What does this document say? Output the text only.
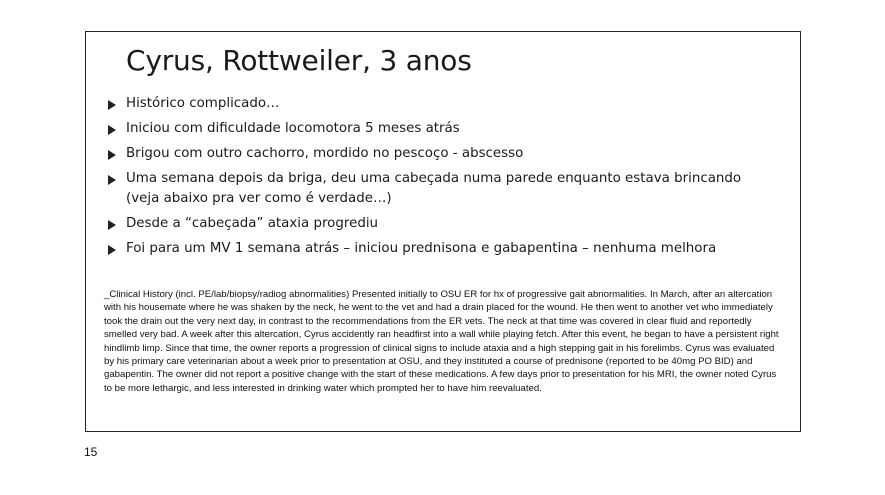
Cyrus, Rottweiler, 3 anos
Histórico complicado…
Iniciou com dificuldade locomotora 5 meses atrás
Brigou com outro cachorro, mordido no pescoço - abscesso
Uma semana depois da briga, deu uma cabeçada numa parede enquanto estava brincando (veja abaixo pra ver como é verdade…)
Desde a “cabeçada” ataxia progrediu
Foi para um MV 1 semana atrás – iniciou prednisona e gabapentina – nenhuma melhora

_Clinical History (incl. PE/lab/biopsy/radiog abnormalities) Presented initially to OSU ER for hx of progressive gait abnormalities. In March, after an altercation with his housemate where he was shaken by the neck, he went to the vet and had a drain placed for the wound. He then went to another vet who immediately took the drain out the very next day, in contrast to the recommendations from the ER vets. The neck at that time was covered in clear fluid and reportedly smelled very bad. A week after this altercation, Cyrus accidently ran headfirst into a wall while playing fetch. After this event, he began to have a persistent right hindlimb limp. Since that time, the owner reports a progression of clinical signs to include ataxia and a high stepping gait in his forelimbs. Cyrus was evaluated by his primary care veterinarian about a week prior to presentation at OSU, and they instituted a course of prednisone (reported to be 40mg PO BID) and gabapentin. The owner did not report a positive change with the start of these medications. A few days prior to presentation for his MRI, the owner noted Cyrus to be more lethargic, and less interested in drinking water which prompted her to have him reevaluated.

15
